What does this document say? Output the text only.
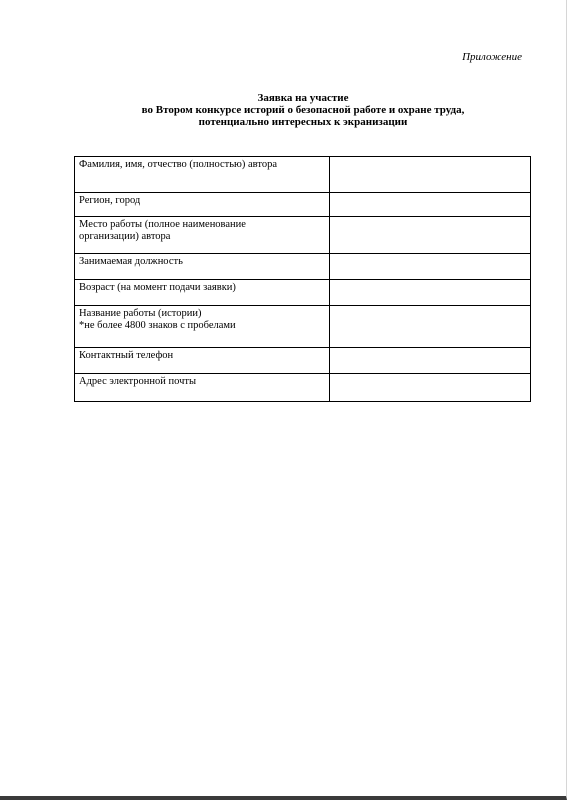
Приложение
Заявка на участие
во Втором конкурсе историй о безопасной работе и охране труда,
потенциально интересных к экранизации
Фамилия, имя, отчество (полностью) автора	

Регион, город	

Место работы (полное наименование
организации) автора	

Занимаемая должность	

Возраст (на момент подачи заявки)	

Название работы (истории)
*не более 4800 знаков с пробелами	

Контактный телефон	

Адрес электронной почты	
